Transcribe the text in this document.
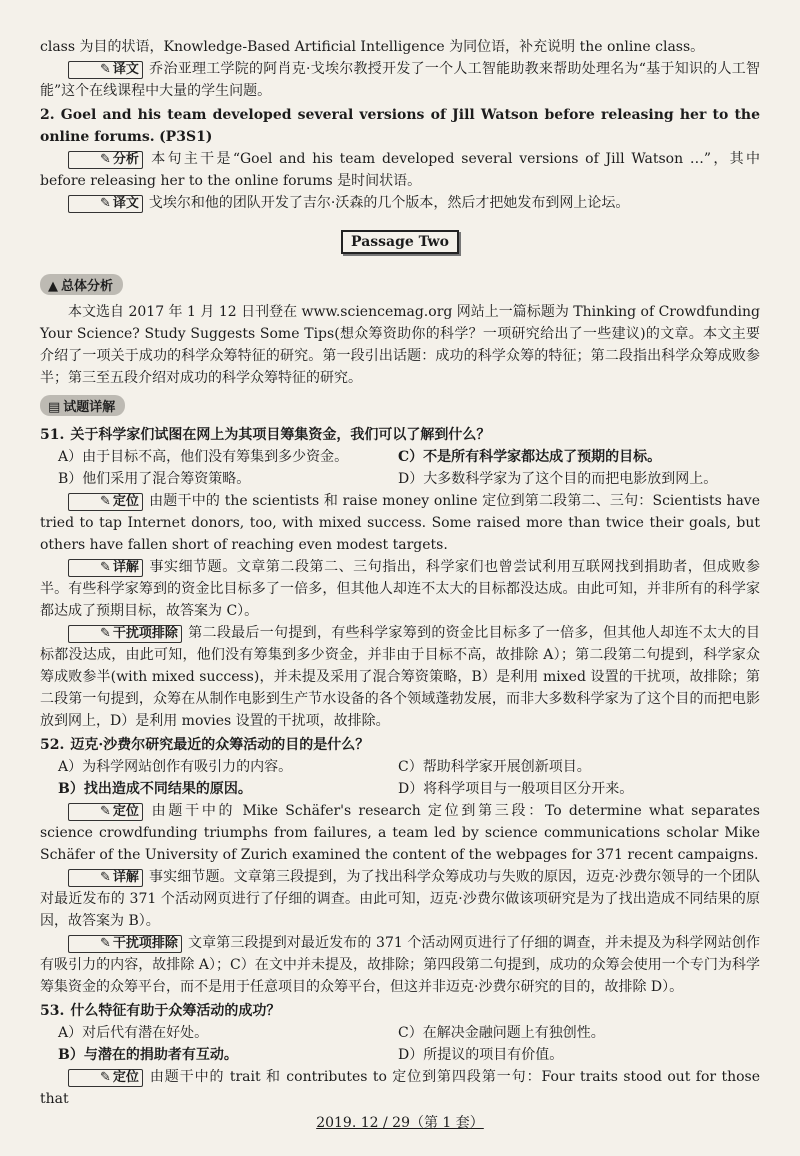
class 为目的状语，Knowledge-Based Artificial Intelligence 为同位语，补充说明 the online class。

✎ 译文 乔治亚理工学院的阿肖克·戈埃尔教授开发了一个人工智能助教来帮助处理名为“基于知识的人工智能”这个在线课程中大量的学生问题。

2. Goel and his team developed several versions of Jill Watson before releasing her to the online forums. (P3S1)

✎ 分析 本句主干是“Goel and his team developed several versions of Jill Watson …”，其中 before releasing her to the online forums 是时间状语。

✎ 译文 戈埃尔和他的团队开发了吉尔·沃森的几个版本，然后才把她发布到网上论坛。

Passage Two
▲ 总体分析

本文选自 2017 年 1 月 12 日刊登在 www.sciencemag.org 网站上一篇标题为 Thinking of Crowdfunding Your Science? Study Suggests Some Tips(想众筹资助你的科学？一项研究给出了一些建议)的文章。本文主要介绍了一项关于成功的科学众筹特征的研究。第一段引出话题：成功的科学众筹的特征；第二段指出科学众筹成败参半；第三至五段介绍对成功的科学众筹特征的研究。

▤ 试题详解

51. 关于科学家们试图在网上为其项目筹集资金，我们可以了解到什么？

A）由于目标不高，他们没有筹集到多少资金。	C）不是所有科学家都达成了预期的目标。
B）他们采用了混合筹资策略。	D）大多数科学家为了这个目的而把电影放到网上。

✎ 定位 由题干中的 the scientists 和 raise money online 定位到第二段第二、三句：Scientists have tried to tap Internet donors, too, with mixed success. Some raised more than twice their goals, but others have fallen short of reaching even modest targets.

✎ 详解 事实细节题。文章第二段第二、三句指出，科学家们也曾尝试利用互联网找到捐助者，但成败参半。有些科学家筹到的资金比目标多了一倍多，但其他人却连不太大的目标都没达成。由此可知，并非所有的科学家都达成了预期目标，故答案为 C）。

✎ 干扰项排除 第二段最后一句提到，有些科学家筹到的资金比目标多了一倍多，但其他人却连不太大的目标都没达成，由此可知，他们没有筹集到多少资金，并非由于目标不高，故排除 A）；第二段第二句提到，科学家众筹成败参半(with mixed success)，并未提及采用了混合筹资策略，B）是利用 mixed 设置的干扰项，故排除；第二段第一句提到，众筹在从制作电影到生产节水设备的各个领域蓬勃发展，而非大多数科学家为了这个目的而把电影放到网上，D）是利用 movies 设置的干扰项，故排除。

52. 迈克·沙费尔研究最近的众筹活动的目的是什么？

A）为科学网站创作有吸引力的内容。	C）帮助科学家开展创新项目。
B）找出造成不同结果的原因。	D）将科学项目与一般项目区分开来。

✎ 定位 由题干中的 Mike Schäfer's research 定位到第三段：To determine what separates science crowdfunding triumphs from failures, a team led by science communications scholar Mike Schäfer of the University of Zurich examined the content of the webpages for 371 recent campaigns.

✎ 详解 事实细节题。文章第三段提到，为了找出科学众筹成功与失败的原因，迈克·沙费尔领导的一个团队对最近发布的 371 个活动网页进行了仔细的调查。由此可知，迈克·沙费尔做该项研究是为了找出造成不同结果的原因，故答案为 B）。

✎ 干扰项排除 文章第三段提到对最近发布的 371 个活动网页进行了仔细的调查，并未提及为科学网站创作有吸引力的内容，故排除 A）；C）在文中并未提及，故排除；第四段第二句提到，成功的众筹会使用一个专门为科学筹集资金的众筹平台，而不是用于任意项目的众筹平台，但这并非迈克·沙费尔研究的目的，故排除 D）。

53. 什么特征有助于众筹活动的成功？

A）对后代有潜在好处。	C）在解决金融问题上有独创性。
B）与潜在的捐助者有互动。	D）所提议的项目有价值。

✎ 定位 由题干中的 trait 和 contributes to 定位到第四段第一句：Four traits stood out for those that

2019. 12 / 29（第 1 套）
